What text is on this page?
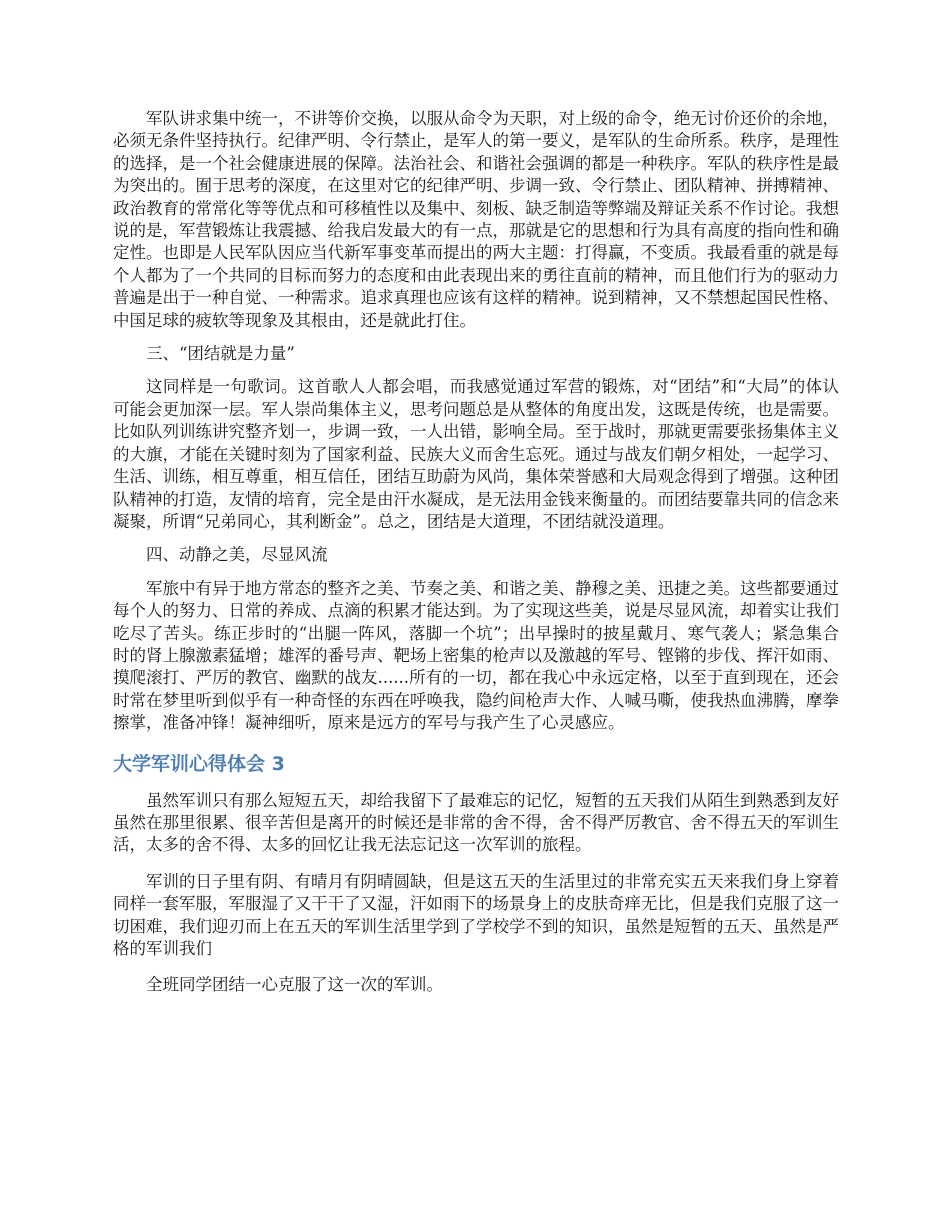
军队讲求集中统一，不讲等价交换，以服从命令为天职，对上级的命令，绝无讨价还价的余地，必须无条件坚持执行。纪律严明、令行禁止，是军人的第一要义，是军队的生命所系。秩序，是理性的选择，是一个社会健康进展的保障。法治社会、和谐社会强调的都是一种秩序。军队的秩序性是最为突出的。囿于思考的深度，在这里对它的纪律严明、步调一致、令行禁止、团队精神、拼搏精神、政治教育的常常化等等优点和可移植性以及集中、刻板、缺乏制造等弊端及辩证关系不作讨论。我想说的是，军营锻炼让我震撼、给我启发最大的有一点，那就是它的思想和行为具有高度的指向性和确定性。也即是人民军队因应当代新军事变革而提出的两大主题：打得赢，不变质。我最看重的就是每个人都为了一个共同的目标而努力的态度和由此表现出来的勇往直前的精神，而且他们行为的驱动力普遍是出于一种自觉、一种需求。追求真理也应该有这样的精神。说到精神，又不禁想起国民性格、中国足球的疲软等现象及其根由，还是就此打住。

三、“团结就是力量”

这同样是一句歌词。这首歌人人都会唱，而我感觉通过军营的锻炼，对“团结”和“大局”的体认可能会更加深一层。军人崇尚集体主义，思考问题总是从整体的角度出发，这既是传统，也是需要。比如队列训练讲究整齐划一，步调一致，一人出错，影响全局。至于战时，那就更需要张扬集体主义的大旗，才能在关键时刻为了国家利益、民族大义而舍生忘死。通过与战友们朝夕相处，一起学习、生活、训练，相互尊重，相互信任，团结互助蔚为风尚，集体荣誉感和大局观念得到了增强。这种团队精神的打造，友情的培育，完全是由汗水凝成，是无法用金钱来衡量的。而团结要靠共同的信念来凝聚，所谓“兄弟同心，其利断金”。总之，团结是大道理，不团结就没道理。

四、动静之美，尽显风流

军旅中有异于地方常态的整齐之美、节奏之美、和谐之美、静穆之美、迅捷之美。这些都要通过每个人的努力、日常的养成、点滴的积累才能达到。为了实现这些美，说是尽显风流，却着实让我们吃尽了苦头。练正步时的“出腿一阵风，落脚一个坑”；出早操时的披星戴月、寒气袭人；紧急集合时的肾上腺激素猛增；雄浑的番号声、靶场上密集的枪声以及激越的军号、铿锵的步伐、挥汗如雨、摸爬滚打、严厉的教官、幽默的战友......所有的一切，都在我心中永远定格，以至于直到现在，还会时常在梦里听到似乎有一种奇怪的东西在呼唤我，隐约间枪声大作、人喊马嘶，使我热血沸腾，摩拳擦掌，准备冲锋！凝神细听，原来是远方的军号与我产生了心灵感应。

大学军训心得体会 3

虽然军训只有那么短短五天，却给我留下了最难忘的记忆，短暂的五天我们从陌生到熟悉到友好虽然在那里很累、很辛苦但是离开的时候还是非常的舍不得，舍不得严厉教官、舍不得五天的军训生活，太多的舍不得、太多的回忆让我无法忘记这一次军训的旅程。

军训的日子里有阴、有晴月有阴晴圆缺，但是这五天的生活里过的非常充实五天来我们身上穿着同样一套军服，军服湿了又干干了又湿，汗如雨下的场景身上的皮肤奇痒无比，但是我们克服了这一切困难，我们迎刃而上在五天的军训生活里学到了学校学不到的知识，虽然是短暂的五天、虽然是严格的军训我们

全班同学团结一心克服了这一次的军训。
